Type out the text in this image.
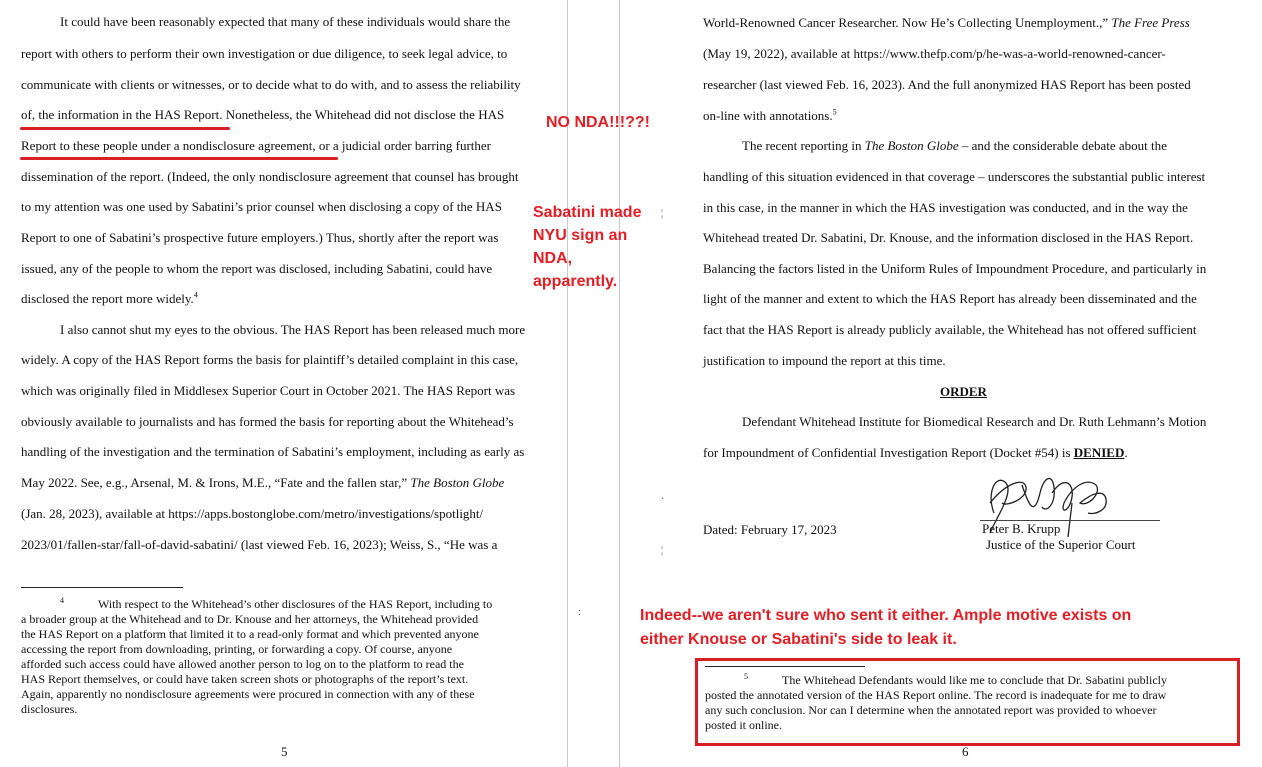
It could have been reasonably expected that many of these individuals would share the
report with others to perform their own investigation or due diligence, to seek legal advice, to
communicate with clients or witnesses, or to decide what to do with, and to assess the reliability
of, the information in the HAS Report. Nonetheless, the Whitehead did not disclose the HAS
Report to these people under a nondisclosure agreement, or a judicial order barring further
dissemination of the report. (Indeed, the only nondisclosure agreement that counsel has brought
to my attention was one used by Sabatini’s prior counsel when disclosing a copy of the HAS
Report to one of Sabatini’s prospective future employers.) Thus, shortly after the report was
issued, any of the people to whom the report was disclosed, including Sabatini, could have
disclosed the report more widely.$^4$
I also cannot shut my eyes to the obvious. The HAS Report has been released much more
widely. A copy of the HAS Report forms the basis for plaintiff’s detailed complaint in this case,
which was originally filed in Middlesex Superior Court in October 2021. The HAS Report was
obviously available to journalists and has formed the basis for reporting about the Whitehead’s
handling of the investigation and the termination of Sabatini’s employment, including as early as
May 2022. See, e.g., Arsenal, M. & Irons, M.E., “Fate and the fallen star,” The Boston Globe
(Jan. 28, 2023), available at https://apps.bostonglobe.com/metro/investigations/spotlight/
2023/01/fallen-star/fall-of-david-sabatini/ (last viewed Feb. 16, 2023); Weiss, S., “He was a
$^4$	With respect to the Whitehead’s other disclosures of the HAS Report, including to
a broader group at the Whitehead and to Dr. Knouse and her attorneys, the Whitehead provided
the HAS Report on a platform that limited it to a read-only format and which prevented anyone
accessing the report from downloading, printing, or forwarding a copy. Of course, anyone
afforded such access could have allowed another person to log on to the platform to read the
HAS Report themselves, or could have taken screen shots or photographs of the report’s text.
Again, apparently no nondisclosure agreements were procured in connection with any of these
disclosures.
5
World-Renowned Cancer Researcher. Now He’s Collecting Unemployment.,” The Free Press
(May 19, 2022), available at https://www.thefp.com/p/he-was-a-world-renowned-cancer-
researcher (last viewed Feb. 16, 2023). And the full anonymized HAS Report has been posted
on-line with annotations.$^5$
The recent reporting in The Boston Globe – and the considerable debate about the
handling of this situation evidenced in that coverage – underscores the substantial public interest
in this case, in the manner in which the HAS investigation was conducted, and in the way the
Whitehead treated Dr. Sabatini, Dr. Knouse, and the information disclosed in the HAS Report.
Balancing the factors listed in the Uniform Rules of Impoundment Procedure, and particularly in
light of the manner and extent to which the HAS Report has already been disseminated and the
fact that the HAS Report is already publicly available, the Whitehead has not offered sufficient
justification to impound the report at this time.
ORDER
Defendant Whitehead Institute for Biomedical Research and Dr. Ruth Lehmann’s Motion
for Impoundment of Confidential Investigation Report (Docket #54) is DENIED.
Dated: February 17, 2023	Peter B. Krupp
Justice of the Superior Court
$^5$	The Whitehead Defendants would like me to conclude that Dr. Sabatini publicly
posted the annotated version of the HAS Report online. The record is inadequate for me to draw
any such conclusion. Nor can I determine when the annotated report was provided to whoever
posted it online.
6
¦
·
¦
:
NO NDA!!!??!
Sabatini made
NYU sign an
NDA,
apparently.
Indeed--we aren't sure who sent it either. Ample motive exists on
either Knouse or Sabatini's side to leak it.
